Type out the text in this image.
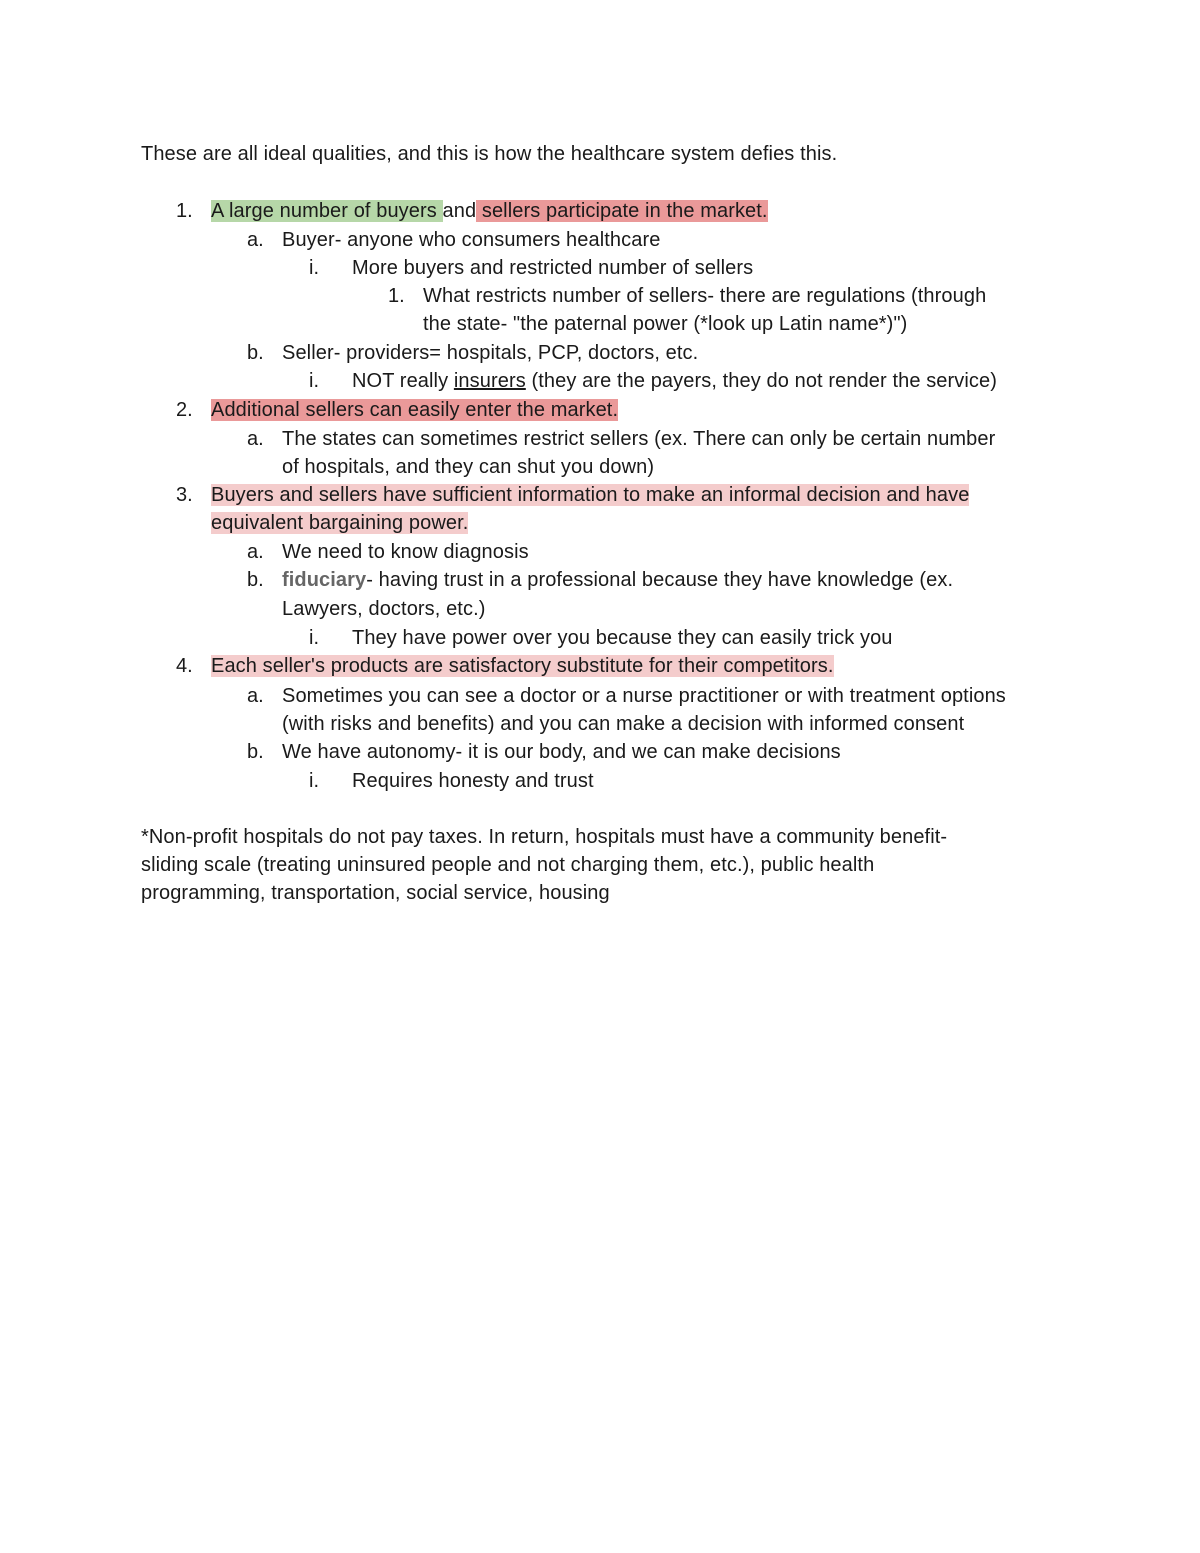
These are all ideal qualities, and this is how the healthcare system defies this.
1. A large number of buyers and sellers participate in the market.
a. Buyer- anyone who consumers healthcare
i. More buyers and restricted number of sellers
1. What restricts number of sellers- there are regulations (through
the state- "the paternal power (*look up Latin name*)")
b. Seller- providers= hospitals, PCP, doctors, etc.
i. NOT really insurers (they are the payers, they do not render the service)
2. Additional sellers can easily enter the market.
a. The states can sometimes restrict sellers (ex. There can only be certain number
of hospitals, and they can shut you down)
3. Buyers and sellers have sufficient information to make an informal decision and have
equivalent bargaining power.
a. We need to know diagnosis
b. fiduciary- having trust in a professional because they have knowledge (ex.
Lawyers, doctors, etc.)
i. They have power over you because they can easily trick you
4. Each seller's products are satisfactory substitute for their competitors.
a. Sometimes you can see a doctor or a nurse practitioner or with treatment options
(with risks and benefits) and you can make a decision with informed consent
b. We have autonomy- it is our body, and we can make decisions
i. Requires honesty and trust
*Non-profit hospitals do not pay taxes. In return, hospitals must have a community benefit-
sliding scale (treating uninsured people and not charging them, etc.), public health
programming, transportation, social service, housing
